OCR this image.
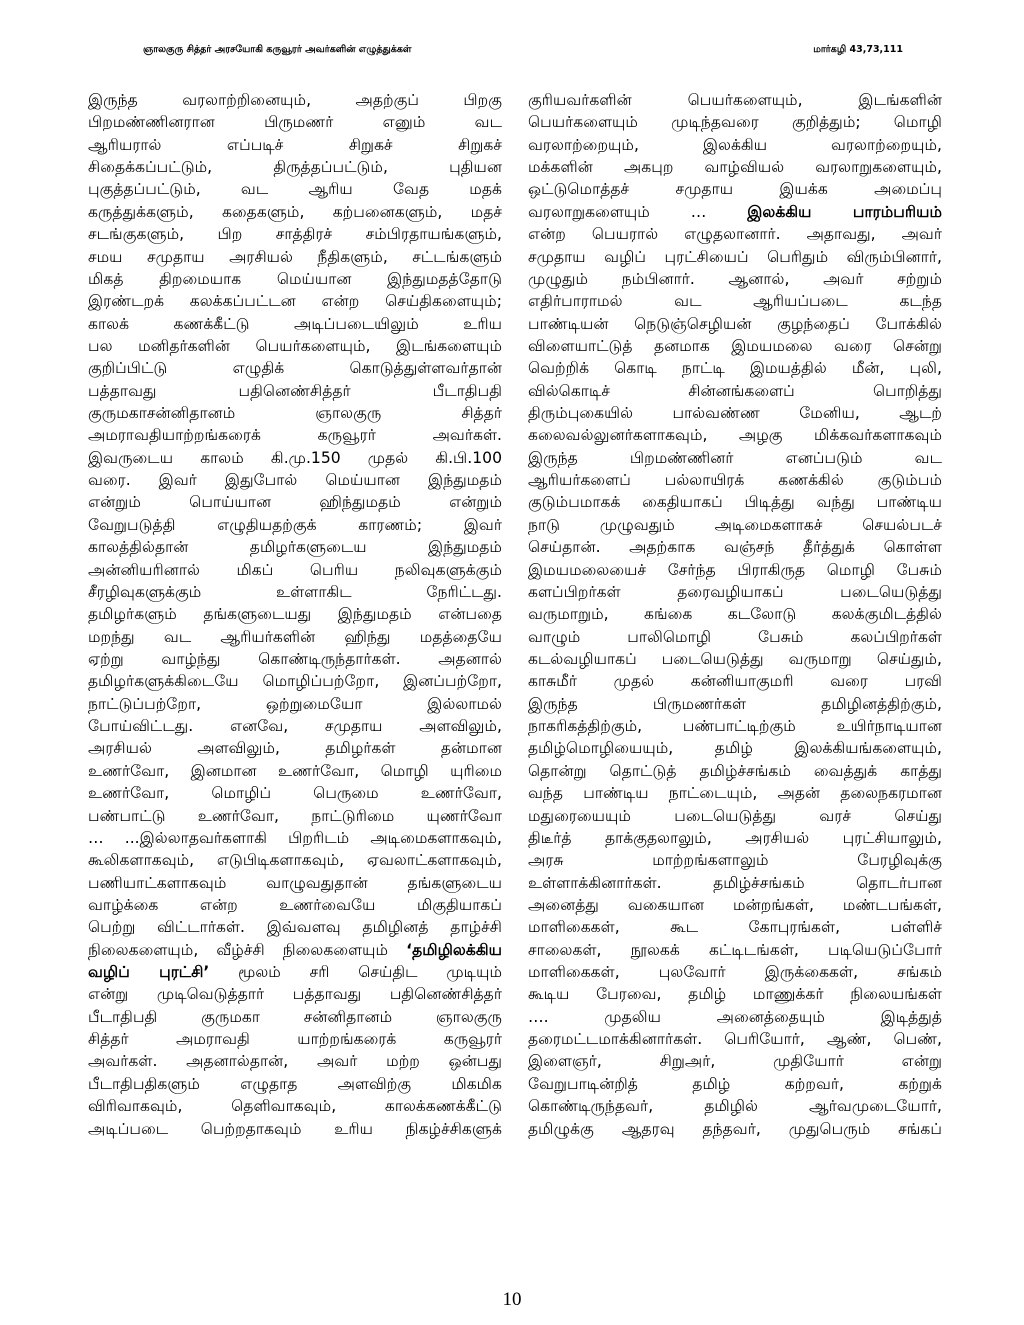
ஞாலகுரு சித்தர் அரசயோகி கருவூரர் அவர்களின் எழுத்துக்கள்	மார்கழி 43,73,111
இருந்த வரலாற்றினையும், அதற்குப் பிறகு
பிறமண்ணினரான பிருமணர் எனும் வட
ஆரியரால் எப்படிச் சிறுகச் சிறுகச்
சிதைக்கப்பட்டும், திருத்தப்பட்டும், புதியன
புகுத்தப்பட்டும், வட ஆரிய வேத மதக்
கருத்துக்களும், கதைகளும், கற்பனைகளும், மதச்
சடங்குகளும், பிற சாத்திரச் சம்பிரதாயங்களும்,
சமய சமுதாய அரசியல் நீதிகளும், சட்டங்களும்
மிகத் திறமையாக மெய்யான இந்துமதத்தோடு
இரண்டறக் கலக்கப்பட்டன என்ற செய்திகளையும்;
காலக் கணக்கீட்டு அடிப்படையிலும் உரிய
பல மனிதர்களின் பெயர்களையும், இடங்களையும்
குறிப்பிட்டு எழுதிக் கொடுத்துள்ளவர்தான்
பத்தாவது பதினெண்சித்தர் பீடாதிபதி
குருமகாசன்னிதானம் ஞாலகுரு சித்தர்
அமராவதியாற்றங்கரைக் கருவூரர் அவர்கள்.
இவருடைய காலம் கி.மு.150 முதல் கி.பி.100
வரை. இவர் இதுபோல் மெய்யான இந்துமதம்
என்றும் பொய்யான ஹிந்துமதம் என்றும்
வேறுபடுத்தி எழுதியதற்குக் காரணம்; இவர்
காலத்தில்தான் தமிழர்களுடைய இந்துமதம்
அன்னியரினால் மிகப் பெரிய நலிவுகளுக்கும்
சீரழிவுகளுக்கும் உள்ளாகிட நேரிட்டது.
தமிழர்களும் தங்களுடையது இந்துமதம் என்பதை
மறந்து வட ஆரியர்களின் ஹிந்து மதத்தையே
ஏற்று வாழ்ந்து கொண்டிருந்தார்கள். அதனால்
தமிழர்களுக்கிடையே மொழிப்பற்றோ, இனப்பற்றோ,
நாட்டுப்பற்றோ, ஒற்றுமையோ இல்லாமல்
போய்விட்டது. எனவே, சமுதாய அளவிலும்,
அரசியல் அளவிலும், தமிழர்கள் தன்மான
உணர்வோ, இனமான உணர்வோ, மொழி யுரிமை
உணர்வோ, மொழிப் பெருமை உணர்வோ,
பண்பாட்டு உணர்வோ, நாட்டுரிமை யுணர்வோ
… ...இல்லாதவர்களாகி பிறரிடம் அடிமைகளாகவும்,
கூலிகளாகவும், எடுபிடிகளாகவும், ஏவலாட்களாகவும்,
பணியாட்களாகவும் வாழுவதுதான் தங்களுடைய
வாழ்க்கை என்ற உணர்வையே மிகுதியாகப்
பெற்று விட்டார்கள். இவ்வளவு தமிழினத் தாழ்ச்சி
நிலைகளையும், வீழ்ச்சி நிலைகளையும் ‘தமிழிலக்கிய
வழிப் புரட்சி’ மூலம் சரி செய்திட முடியும்
என்று முடிவெடுத்தார் பத்தாவது பதினெண்சித்தர்
பீடாதிபதி குருமகா சன்னிதானம் ஞாலகுரு
சித்தர் அமராவதி யாற்றங்கரைக் கருவூரர்
அவர்கள். அதனால்தான், அவர் மற்ற ஒன்பது
பீடாதிபதிகளும் எழுதாத அளவிற்கு மிகமிக
விரிவாகவும், தெளிவாகவும், காலக்கணக்கீட்டு
அடிப்படை பெற்றதாகவும் உரிய நிகழ்ச்சிகளுக்
குரியவர்களின் பெயர்களையும், இடங்களின்
பெயர்களையும் முடிந்தவரை குறித்தும்; மொழி
வரலாற்றையும், இலக்கிய வரலாற்றையும்,
மக்களின் அகபுற வாழ்வியல் வரலாறுகளையும்,
ஒட்டுமொத்தச் சமுதாய இயக்க அமைப்பு
வரலாறுகளையும் … இலக்கிய பாரம்பரியம்
என்ற பெயரால் எழுதலானார். அதாவது, அவர்
சமுதாய வழிப் புரட்சியைப் பெரிதும் விரும்பினார்,
முழுதும் நம்பினார். ஆனால், அவர் சற்றும்
எதிர்பாராமல் வட ஆரியப்படை கடந்த
பாண்டியன் நெடுஞ்செழியன் குழந்தைப் போக்கில்
விளையாட்டுத் தனமாக இமயமலை வரை சென்று
வெற்றிக் கொடி நாட்டி இமயத்தில் மீன், புலி,
வில்கொடிச் சின்னங்களைப் பொறித்து
திரும்புகையில் பால்வண்ண மேனிய, ஆடற்
கலைவல்லுனர்களாகவும், அழகு மிக்கவர்களாகவும்
இருந்த பிறமண்ணினர் எனப்படும் வட
ஆரியர்களைப் பல்லாயிரக் கணக்கில் குடும்பம்
குடும்பமாகக் கைதியாகப் பிடித்து வந்து பாண்டிய
நாடு முழுவதும் அடிமைகளாகச் செயல்படச்
செய்தான். அதற்காக வஞ்சந் தீர்த்துக் கொள்ள
இமயமலையைச் சேர்ந்த பிராகிருத மொழி பேசும்
களப்பிறர்கள் தரைவழியாகப் படையெடுத்து
வருமாறும், கங்கை கடலோடு கலக்குமிடத்தில்
வாழும் பாலிமொழி பேசும் கலப்பிறர்கள்
கடல்வழியாகப் படையெடுத்து வருமாறு செய்தும்,
காசுமீர் முதல் கன்னியாகுமரி வரை பரவி
இருந்த பிருமணர்கள் தமிழினத்திற்கும்,
நாகரிகத்திற்கும், பண்பாட்டிற்கும் உயிர்நாடியான
தமிழ்மொழியையும், தமிழ் இலக்கியங்களையும்,
தொன்று தொட்டுத் தமிழ்ச்சங்கம் வைத்துக் காத்து
வந்த பாண்டிய நாட்டையும், அதன் தலைநகரமான
மதுரையையும் படையெடுத்து வரச் செய்து
திடீர்த் தாக்குதலாலும், அரசியல் புரட்சியாலும்,
அரசு மாற்றங்களாலும் பேரழிவுக்கு
உள்ளாக்கினார்கள். தமிழ்ச்சங்கம் தொடர்பான
அனைத்து வகையான மன்றங்கள், மண்டபங்கள்,
மாளிகைகள், கூட கோபுரங்கள், பள்ளிச்
சாலைகள், நூலகக் கட்டிடங்கள், படியெடுப்போர்
மாளிகைகள், புலவோர் இருக்கைகள், சங்கம்
கூடிய பேரவை, தமிழ் மாணுக்கர் நிலையங்கள்
…. முதலிய அனைத்தையும் இடித்துத்
தரைமட்டமாக்கினார்கள். பெரியோர், ஆண், பெண்,
இளைஞர், சிறுஅர், முதியோர் என்று
வேறுபாடின்றித் தமிழ் கற்றவர், கற்றுக்
கொண்டிருந்தவர், தமிழில் ஆர்வமுடையோர்,
தமிழுக்கு ஆதரவு தந்தவர், முதுபெரும் சங்கப்
10
